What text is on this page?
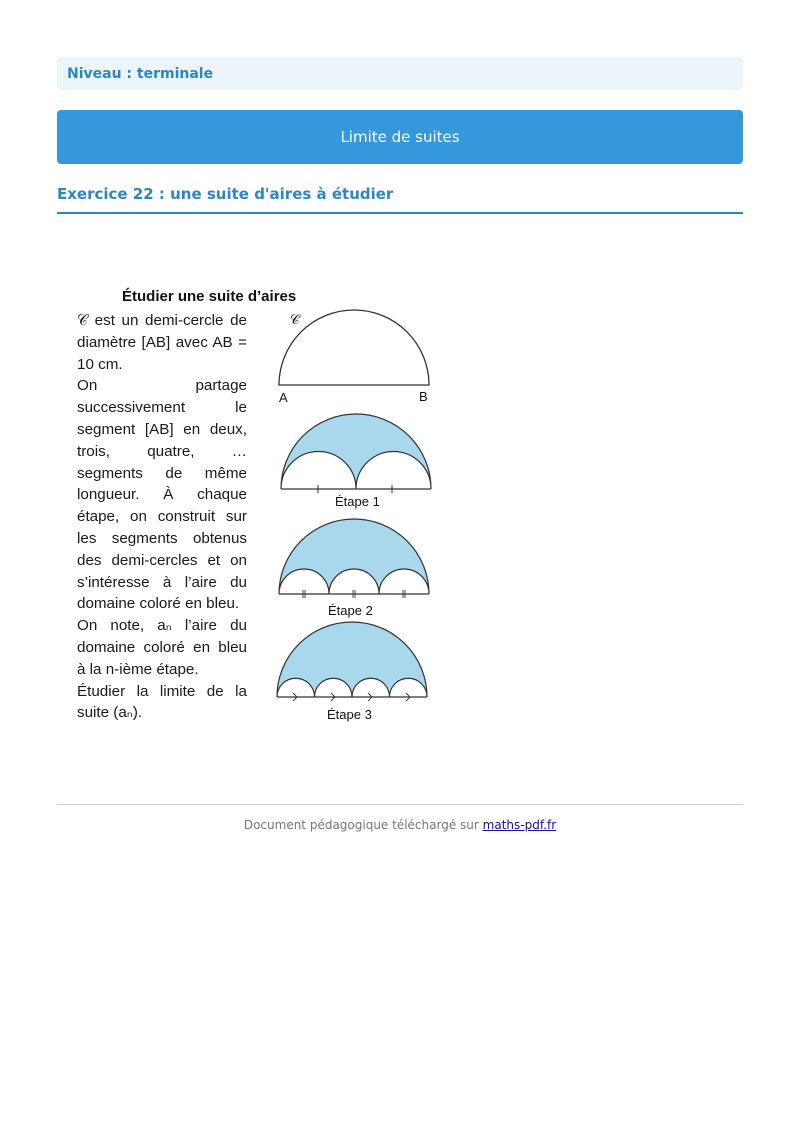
Niveau : terminale
Limite de suites
Exercice 22 : une suite d'aires à étudier
Étudier une suite d’aires

𝒞 est un demi-cercle de diamètre [AB] avec AB = 10 cm.

On partage successivement le segment [AB] en deux, trois, quatre, … segments de même longueur. À chaque étape, on construit sur les segments obtenus des demi-cercles et on s’intéresse à l’aire du domaine coloré en bleu.

On note, aₙ l’aire du domaine coloré en bleu à la n-ième étape.

Étudier la limite de la suite (aₙ).

𝒞
A	B
Étape 1
Étape 2
Étape 3
Document pédagogique téléchargé sur maths-pdf.fr
